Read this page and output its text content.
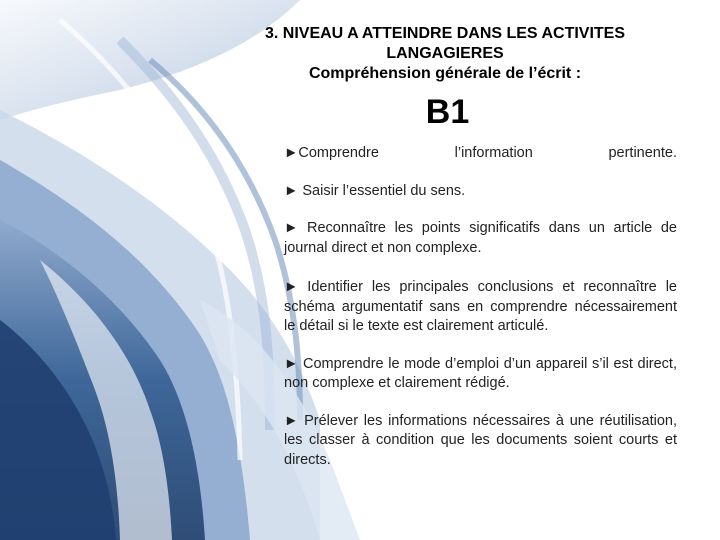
3. NIVEAU A ATTEINDRE DANS LES ACTIVITES
LANGAGIERES
Compréhension générale de l’écrit :
B1

►Comprendre l’information pertinente.

► Saisir l’essentiel du sens.

► Reconnaître les points significatifs dans un article de journal direct et non complexe.

► Identifier les principales conclusions et reconnaître le schéma argumentatif sans en comprendre nécessairement le détail si le texte est clairement articulé.

► Comprendre le mode d’emploi d’un appareil s’il est direct, non complexe et clairement rédigé.

► Prélever les informations nécessaires à une réutilisation, les classer à condition que les documents soient courts et directs.
